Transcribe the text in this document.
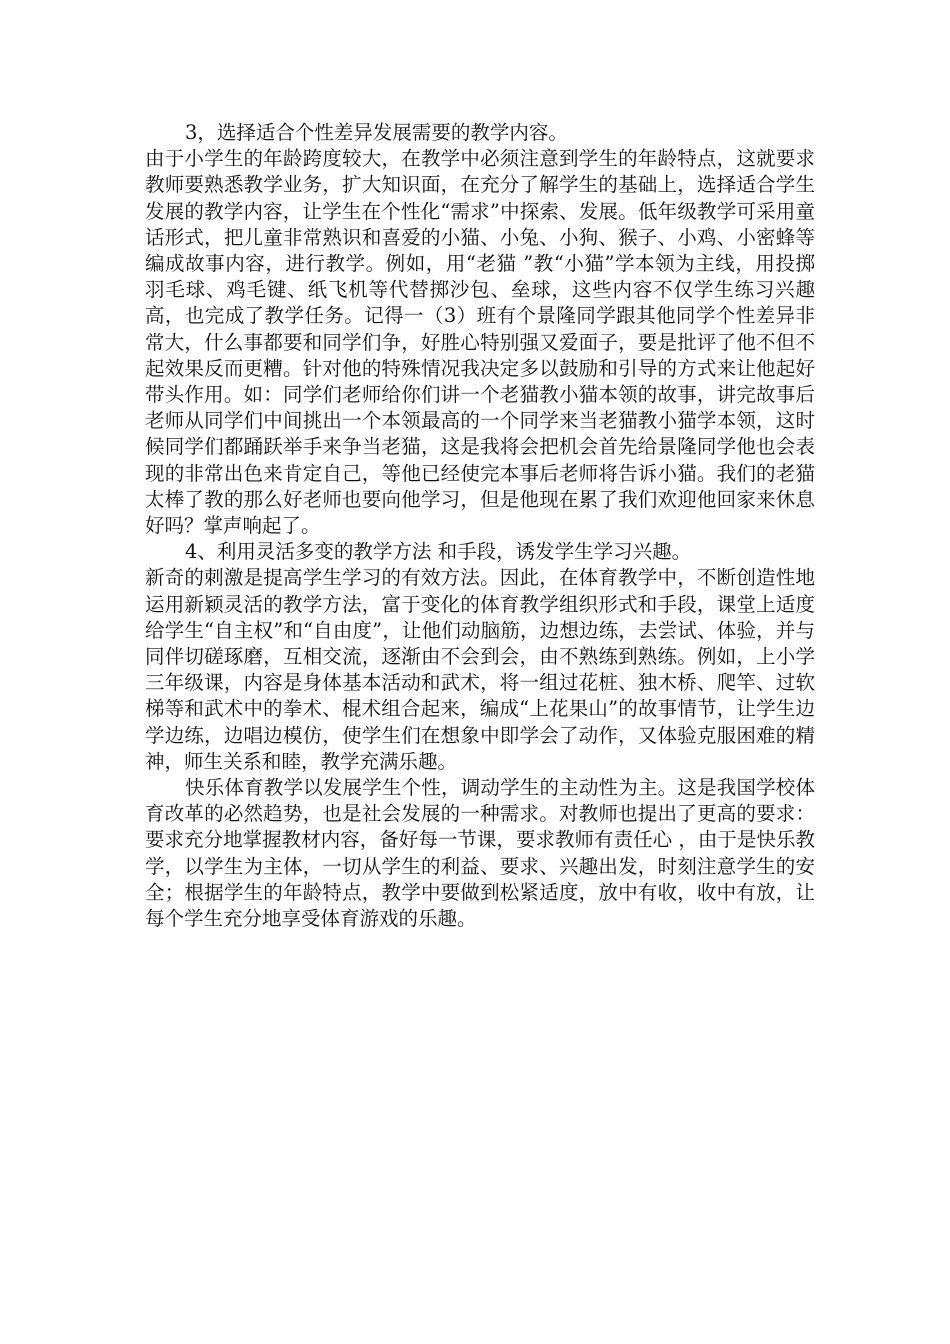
3，选择适合个性差异发展需要的教学内容。

由于小学生的年龄跨度较大，在教学中必须注意到学生的年龄特点，这就要求教师要熟悉教学业务，扩大知识面，在充分了解学生的基础上，选择适合学生发展的教学内容，让学生在个性化“需求”中探索、发展。低年级教学可采用童话形式，把儿童非常熟识和喜爱的小猫、小兔、小狗、猴子、小鸡、小密蜂等编成故事内容，进行教学。例如，用“老猫 ”教“小猫”学本领为主线，用投掷羽毛球、鸡毛键、纸飞机等代替掷沙包、垒球，这些内容不仅学生练习兴趣高，也完成了教学任务。记得一（3）班有个景隆同学跟其他同学个性差异非常大，什么事都要和同学们争，好胜心特别强又爱面子，要是批评了他不但不起效果反而更糟。针对他的特殊情况我决定多以鼓励和引导的方式来让他起好带头作用。如：同学们老师给你们讲一个老猫教小猫本领的故事，讲完故事后老师从同学们中间挑出一个本领最高的一个同学来当老猫教小猫学本领，这时候同学们都踊跃举手来争当老猫，这是我将会把机会首先给景隆同学他也会表现的非常出色来肯定自己，等他已经使完本事后老师将告诉小猫。我们的老猫太棒了教的那么好老师也要向他学习，但是他现在累了我们欢迎他回家来休息好吗？掌声响起了。

4、利用灵活多变的教学方法 和手段，诱发学生学习兴趣。

新奇的刺激是提高学生学习的有效方法。因此，在体育教学中，不断创造性地运用新颖灵活的教学方法，富于变化的体育教学组织形式和手段，课堂上适度 给学生“自主权”和“自由度”，让他们动脑筋，边想边练，去尝试、体验，并与同伴切磋琢磨，互相交流，逐渐由不会到会，由不熟练到熟练。例如，上小学三年级课，内容是身体基本活动和武术，将一组过花桩、独木桥、爬竿、过软梯等和武术中的拳术、棍术组合起来，编成“上花果山”的故事情节，让学生边学边练，边唱边模仿，使学生们在想象中即学会了动作，又体验克服困难的精神，师生关系和睦，教学充满乐趣。

快乐体育教学以发展学生个性，调动学生的主动性为主。这是我国学校体育改革的必然趋势，也是社会发展的一种需求。对教师也提出了更高的要求：要求充分地掌握教材内容，备好每一节课，要求教师有责任心 ，由于是快乐教学，以学生为主体，一切从学生的利益、要求、兴趣出发，时刻注意学生的安全；根据学生的年龄特点，教学中要做到松紧适度，放中有收，收中有放，让每个学生充分地享受体育游戏的乐趣。
